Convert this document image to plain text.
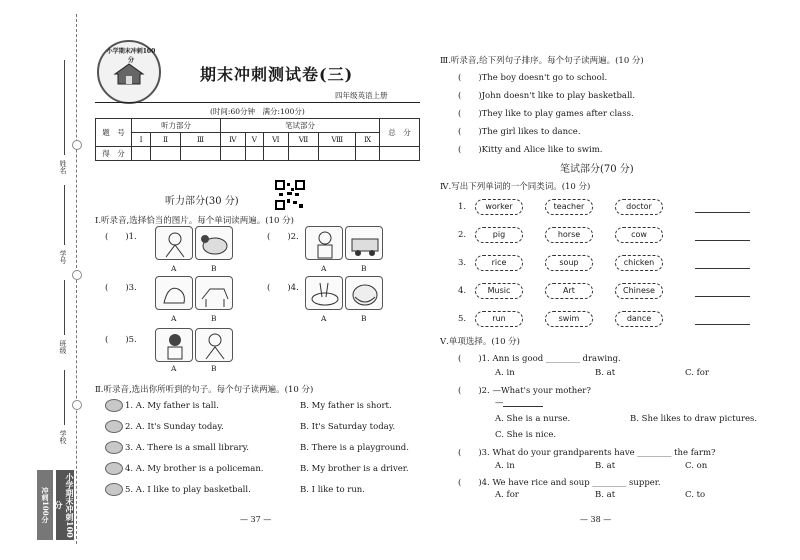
姓名
学号
班级
学校
小学期末冲刺100分
冲刺100分
小学期末冲刺100分
期末冲刺测试卷(三)
四年级英语上册
(时间:60分钟　满分:100分)
题　号	听力部分			笔试部分						总　分
	Ⅰ	Ⅱ	Ⅲ	Ⅳ	Ⅴ	Ⅵ	Ⅶ	Ⅷ	Ⅸ	
得　分										
听力部分(30 分)
Ⅰ.听录音,选择恰当的图片。每个单词读两遍。(10 分)
(　　)1.
A	B
(　　)2.
A	B
(　　)3.
A	B
(　　)4.
A	B
(　　)5.
A	B
Ⅱ.听录音,选出你所听到的句子。每个句子读两遍。(10 分)
1. A. My father is tall.	B. My father is short.
2. A. It's Sunday today.	B. It's Saturday today.
3. A. There is a small library.	B. There is a playground.
4. A. My brother is a policeman.	B. My brother is a driver.
5. A. I like to play basketball.	B. I like to run.
— 37 —
Ⅲ.听录音,给下列句子排序。每个句子读两遍。(10 分)
(　　)The boy doesn't go to school.
(　　)John doesn't like to play basketball.
(　　)They like to play games after class.
(　　)The girl likes to dance.
(　　)Kitty and Alice like to swim.
笔试部分(70 分)
Ⅳ.写出下列单词的一个同类词。(10 分)
1.	worker	teacher	doctor
2.	pig	horse	cow
3.	rice	soup	chicken
4.	Music	Art	Chinese
5.	run	swim	dance
Ⅴ.单项选择。(10 分)
(　　)1. Ann is good ________ drawing.
A. in	B. at	C. for
(　　)2. —What's your mother?
—
A. She is a nurse.	B. She likes to draw pictures.
C. She is nice.
(　　)3. What do your grandparents have ________ the farm?
A. in	B. at	C. on
(　　)4. We have rice and soup ________ supper.
A. for	B. at	C. to
— 38 —
